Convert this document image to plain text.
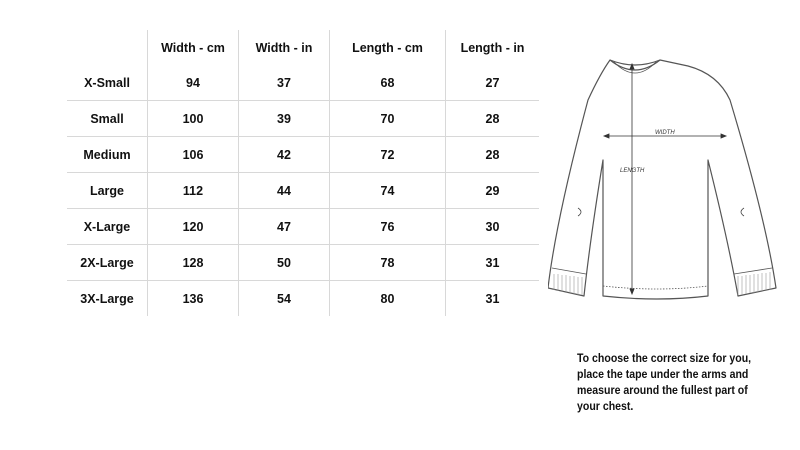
	Width - cm	Width - in	Length - cm	Length - in
X-Small	94	37	68	27
Small	100	39	70	28
Medium	106	42	72	28
Large	112	44	74	29
X-Large	120	47	76	30
2X-Large	128	50	78	31
3X-Large	136	54	80	31
WIDTH
LENGTH
To choose the correct size for you,
place the tape under the arms and
measure around the fullest part of
your chest.
